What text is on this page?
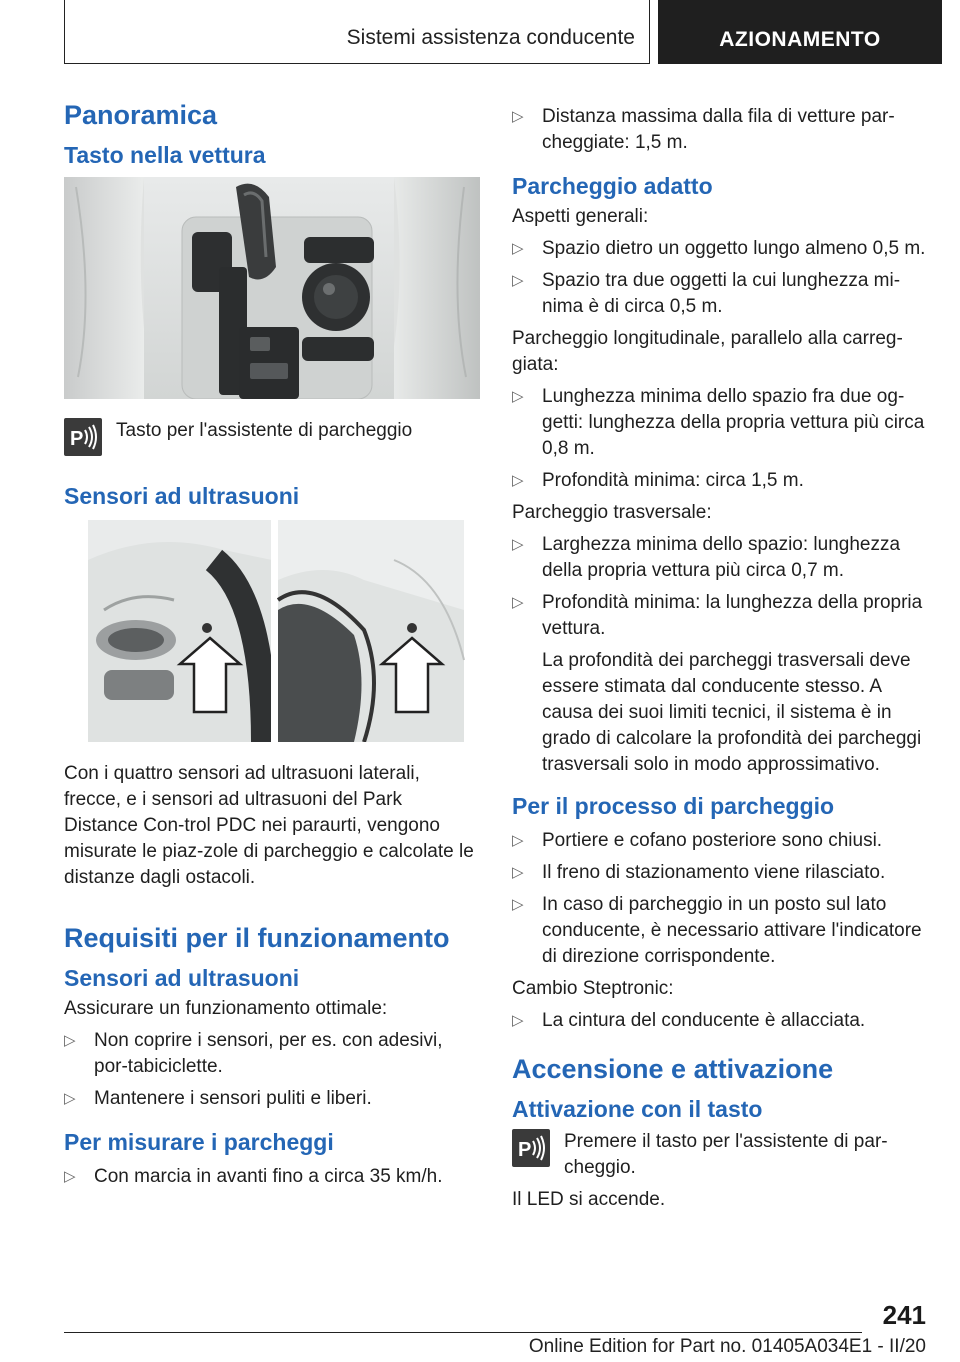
Sistemi assistenza conducente	AZIONAMENTO
Panoramica
Tasto nella vettura
P Tasto per l'assistente di parcheggio

Sensori ad ultrasuoni

Con i quattro sensori ad ultrasuoni laterali, frecce, e i sensori ad ultrasuoni del Park Distance Con-trol PDC nei paraurti, vengono misurate le piaz-zole di parcheggio e calcolate le distanze dagli ostacoli.

Requisiti per il funzionamento
Sensori ad ultrasuoni

Assicurare un funzionamento ottimale:

▷ Non coprire i sensori, per es. con adesivi, por-tabiciclette.
▷ Mantenere i sensori puliti e liberi.
Per misurare i parcheggi
▷ Con marcia in avanti fino a circa 35 km/h.
▷ Distanza massima dalla fila di vetture par-cheggiate: 1,5 m.
Parcheggio adatto

Aspetti generali:

▷ Spazio dietro un oggetto lungo almeno 0,5 m.
▷ Spazio tra due oggetti la cui lunghezza mi-nima è di circa 0,5 m.

Parcheggio longitudinale, parallelo alla carreg-giata:

▷ Lunghezza minima dello spazio fra due og-getti: lunghezza della propria vettura più circa 0,8 m.
▷ Profondità minima: circa 1,5 m.

Parcheggio trasversale:

▷ Larghezza minima dello spazio: lunghezza della propria vettura più circa 0,7 m.
▷ Profondità minima: la lunghezza della propria vettura.

La profondità dei parcheggi trasversali deve essere stimata dal conducente stesso. A causa dei suoi limiti tecnici, il sistema è in grado di calcolare la profondità dei parcheggi trasversali solo in modo approssimativo.

Per il processo di parcheggio
▷ Portiere e cofano posteriore sono chiusi.
▷ Il freno di stazionamento viene rilasciato.
▷ In caso di parcheggio in un posto sul lato conducente, è necessario attivare l'indicatore di direzione corrispondente.

Cambio Steptronic:

▷ La cintura del conducente è allacciata.
Accensione e attivazione
Attivazione con il tasto
P Premere il tasto per l'assistente di par-cheggio.

Il LED si accende.

241
Online Edition for Part no. 01405A034E1 - II/20
